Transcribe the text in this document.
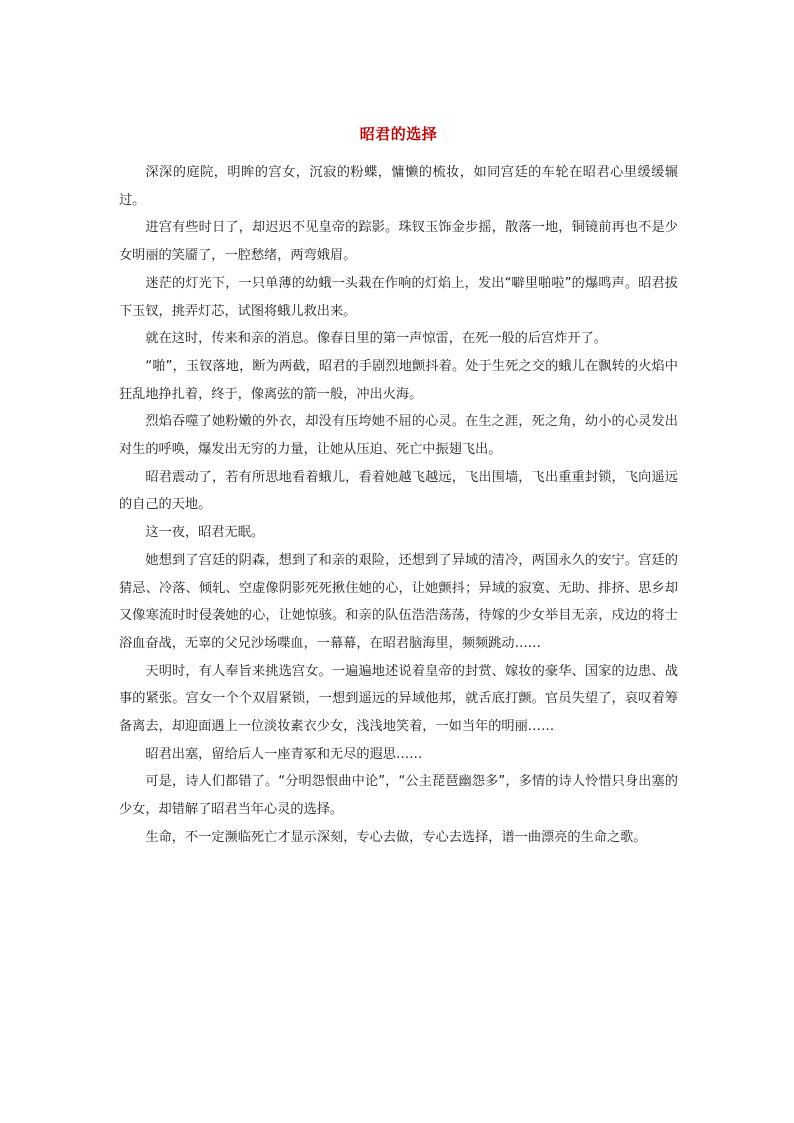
昭君的选择

深深的庭院，明眸的宫女，沉寂的粉蝶，慵懒的梳妆，如同宫廷的车轮在昭君心里缓缓辗过。

进宫有些时日了，却迟迟不见皇帝的踪影。珠钗玉饰金步摇，散落一地，铜镜前再也不是少女明丽的笑靥了，一腔愁绪，两弯娥眉。

迷茫的灯光下，一只单薄的幼蛾一头栽在作响的灯焰上，发出“噼里啪啦”的爆鸣声。昭君拔下玉钗，挑弄灯芯，试图将蛾儿救出来。

就在这时，传来和亲的消息。像春日里的第一声惊雷，在死一般的后宫炸开了。

“啪”，玉钗落地，断为两截，昭君的手剧烈地颤抖着。处于生死之交的蛾儿在飘转的火焰中狂乱地挣扎着，终于，像离弦的箭一般，冲出火海。

烈焰吞噬了她粉嫩的外衣，却没有压垮她不屈的心灵。在生之涯，死之角，幼小的心灵发出对生的呼唤，爆发出无穷的力量，让她从压迫、死亡中振翅飞出。

昭君震动了，若有所思地看着蛾儿，看着她越飞越远，飞出围墙，飞出重重封锁，飞向遥远的自己的天地。

这一夜，昭君无眠。

她想到了宫廷的阴森，想到了和亲的艰险，还想到了异域的清冷，两国永久的安宁。宫廷的猜忌、冷落、倾轧、空虚像阴影死死揪住她的心，让她颤抖；异域的寂寞、无助、排挤、思乡却又像寒流时时侵袭她的心，让她惊骇。和亲的队伍浩浩荡荡，待嫁的少女举目无亲，戍边的将士浴血奋战，无辜的父兄沙场喋血，一幕幕，在昭君脑海里，频频跳动……

天明时，有人奉旨来挑选宫女。一遍遍地述说着皇帝的封赏、嫁妆的豪华、国家的边患、战事的紧张。宫女一个个双眉紧锁，一想到遥远的异域他邦，就舌底打颤。官员失望了，哀叹着筹备离去，却迎面遇上一位淡妆素衣少女，浅浅地笑着，一如当年的明丽……

昭君出塞，留给后人一座青冢和无尽的遐思……

可是，诗人们都错了。“分明怨恨曲中论”，“公主琵琶幽怨多”，多情的诗人怜惜只身出塞的少女，却错解了昭君当年心灵的选择。

生命，不一定濒临死亡才显示深刻，专心去做，专心去选择，谱一曲漂亮的生命之歌。
